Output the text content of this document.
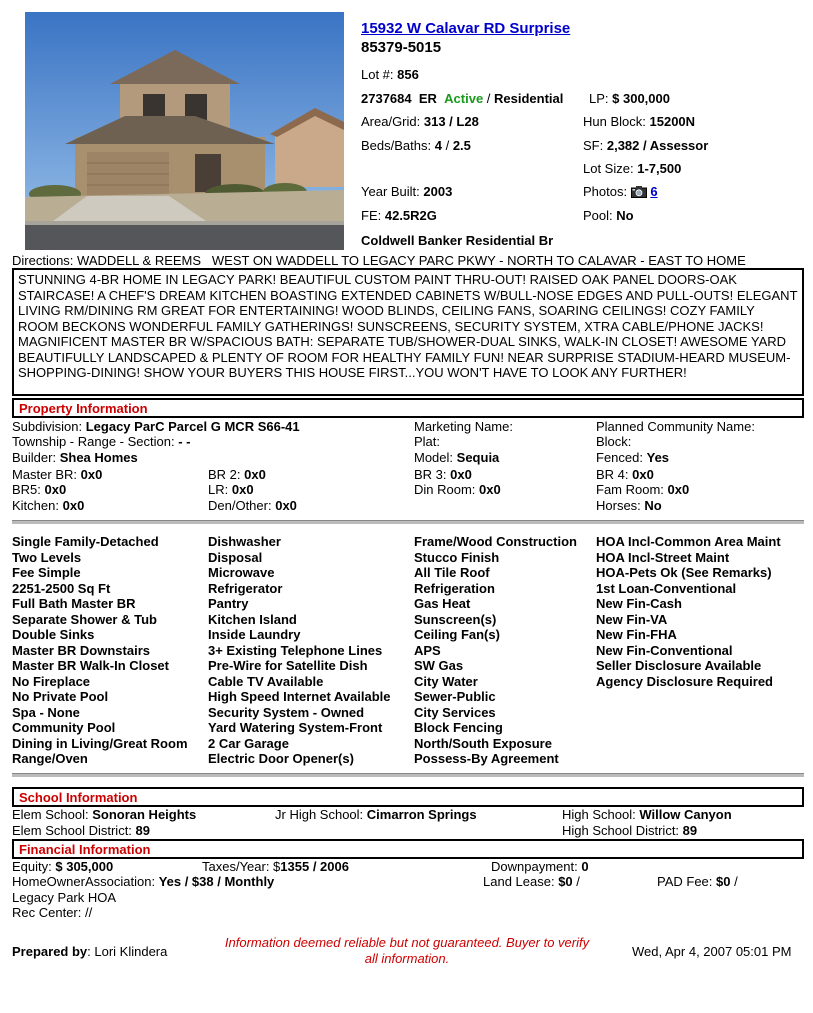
15932 W Calavar RD Surprise
85379-5015
Lot #: 856
2737684 ER Active / Residential LP: $ 300,000
Area/Grid: 313 / L28	Hun Block: 15200N
Beds/Baths: 4 / 2.5	SF: 2,382 / Assessor
Lot Size: 1-7,500
Year Built: 2003	Photos: 6
FE: 42.5R2G	Pool: No
Coldwell Banker Residential Br
Directions: WADDELL & REEMS   WEST ON WADDELL TO LEGACY PARC PKWY - NORTH TO CALAVAR - EAST TO HOME
STUNNING 4-BR HOME IN LEGACY PARK! BEAUTIFUL CUSTOM PAINT THRU-OUT! RAISED OAK PANEL DOORS-OAK STAIRCASE! A CHEF'S DREAM KITCHEN BOASTING EXTENDED CABINETS W/BULL-NOSE EDGES AND PULL-OUTS! ELEGANT LIVING RM/DINING RM GREAT FOR ENTERTAINING! WOOD BLINDS, CEILING FANS, SOARING CEILINGS! COZY FAMILY ROOM BECKONS WONDERFUL FAMILY GATHERINGS! SUNSCREENS, SECURITY SYSTEM, XTRA CABLE/PHONE JACKS! MAGNIFICENT MASTER BR W/SPACIOUS BATH: SEPARATE TUB/SHOWER-DUAL SINKS, WALK-IN CLOSET! AWESOME YARD BEAUTIFULLY LANDSCAPED & PLENTY OF ROOM FOR HEALTHY FAMILY FUN! NEAR SURPRISE STADIUM-HEARD MUSEUM-SHOPPING-DINING! SHOW YOUR BUYERS THIS HOUSE FIRST...YOU WON'T HAVE TO LOOK ANY FURTHER!
Property Information
Subdivision: Legacy ParC Parcel G MCR S66-41
Township - Range - Section: - -
Builder: Shea Homes
Marketing Name:
Plat:
Model: Sequia
Planned Community Name:
Block:
Fenced: Yes
Master BR: 0x0
BR5: 0x0
Kitchen: 0x0
BR 2: 0x0
LR: 0x0
Den/Other: 0x0
BR 3: 0x0
Din Room: 0x0
BR 4: 0x0
Fam Room: 0x0
Horses: No
Single Family-Detached
Two Levels
Fee Simple
2251-2500 Sq Ft
Full Bath Master BR
Separate Shower & Tub
Double Sinks
Master BR Downstairs
Master BR Walk-In Closet
No Fireplace
No Private Pool
Spa - None
Community Pool
Dining in Living/Great Room
Range/Oven
Dishwasher
Disposal
Microwave
Refrigerator
Pantry
Kitchen Island
Inside Laundry
3+ Existing Telephone Lines
Pre-Wire for Satellite Dish
Cable TV Available
High Speed Internet Available
Security System - Owned
Yard Watering System-Front
2 Car Garage
Electric Door Opener(s)
Frame/Wood Construction
Stucco Finish
All Tile Roof
Refrigeration
Gas Heat
Sunscreen(s)
Ceiling Fan(s)
APS
SW Gas
City Water
Sewer-Public
City Services
Block Fencing
North/South Exposure
Possess-By Agreement
HOA Incl-Common Area Maint
HOA Incl-Street Maint
HOA-Pets Ok (See Remarks)
1st Loan-Conventional
New Fin-Cash
New Fin-VA
New Fin-FHA
New Fin-Conventional
Seller Disclosure Available
Agency Disclosure Required
School Information
Elem School: Sonoran Heights
Elem School District: 89
Jr High School: Cimarron Springs	High School: Willow Canyon
High School District: 89
Financial Information
Equity: $ 305,000	Taxes/Year: $1355 / 2006	Downpayment: 0
HomeOwnerAssociation: Yes / $38 / Monthly	Land Lease: $0 /	PAD Fee: $0 /
Legacy Park HOA
Rec Center: //
Prepared by: Lori Klindera
Information deemed reliable but not guaranteed. Buyer to verify all information.	Wed, Apr 4, 2007 05:01 PM
